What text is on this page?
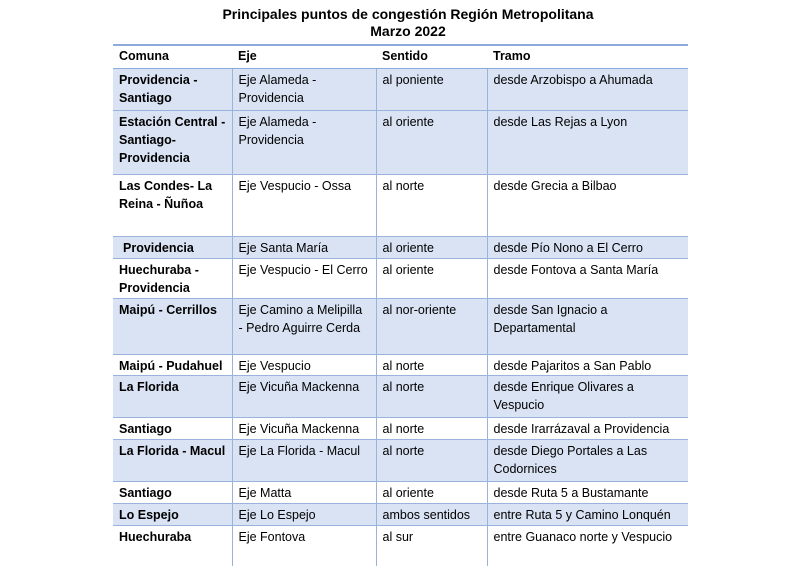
Principales puntos de congestión Región Metropolitana
Marzo 2022
Comuna	Eje	Sentido	Tramo
Providencia - Santiago	Eje Alameda - Providencia	al poniente	desde Arzobispo a Ahumada
Estación Central - Santiago-Providencia	Eje Alameda - Providencia	al oriente	desde Las Rejas a Lyon
Las Condes- La Reina - Ñuñoa	Eje Vespucio - Ossa	al norte	desde Grecia a Bilbao
Providencia	Eje Santa María	al oriente	desde Pío Nono a El Cerro
Huechuraba - Providencia	Eje Vespucio - El Cerro	al oriente	desde Fontova a Santa María
Maipú - Cerrillos	Eje Camino a Melipilla - Pedro Aguirre Cerda	al nor-oriente	desde San Ignacio a Departamental
Maipú - Pudahuel	Eje Vespucio	al norte	desde Pajaritos a San Pablo
La Florida	Eje Vicuña Mackenna	al norte	desde Enrique Olivares a Vespucio
Santiago	Eje Vicuña Mackenna	al norte	desde Irarrázaval a Providencia
La Florida - Macul	Eje La Florida - Macul	al norte	desde Diego Portales a Las Codornices
Santiago	Eje Matta	al oriente	desde Ruta 5 a Bustamante
Lo Espejo	Eje Lo Espejo	ambos sentidos	entre Ruta 5 y Camino Lonquén
Huechuraba	Eje Fontova	al sur	entre Guanaco norte y Vespucio
